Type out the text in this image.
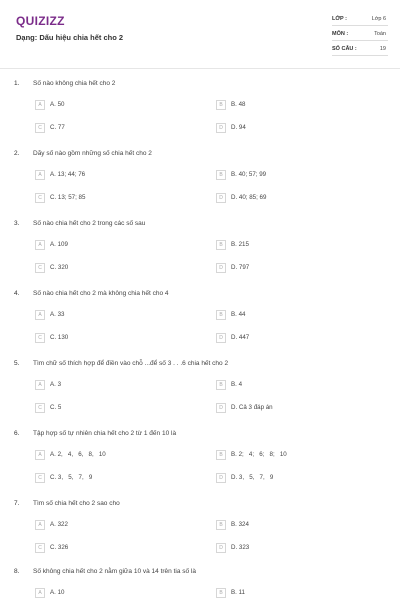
QUIZIZZ
Dạng: Dấu hiệu chia hết cho 2
LỚP :	Lớp 6
MÔN :	Toán
SỐ CÂU :	19
1. Số nào không chia hết cho 2
A	A. 50	B	B. 48
C	C. 77	D	D. 94
2. Dãy số nào gồm những số chia hết cho 2
A	A. 13; 44; 76	B	B. 40; 57; 99
C	C. 13; 57; 85	D	D. 40; 85; 69
3. Số nào chia hết cho 2 trong các số sau
A	A. 109	B	B. 215
C	C. 320	D	D. 797
4. Số nào chia hết cho 2 mà không chia hết cho 4
A	A. 33	B	B. 44
C	C. 130	D	D. 447
5. Tìm chữ số thích hợp để điền vào chỗ ...để số 3 . . .6 chia hết cho 2
A	A. 3	B	B. 4
C	C. 5	D	D. Cả 3 đáp án
6. Tập hợp số tự nhiên chia hết cho 2 từ 1 đến 10 là
A	A. 2,   4,   6,   8,   10	B	B. 2;   4;   6;   8;   10
C	C. 3,   5,   7,   9	D	D. 3,   5,   7,   9
7. Tìm số chia hết cho 2 sao cho
A	A. 322	B	B. 324
C	C. 326	D	D. 323
8. Số không chia hết cho 2 nằm giữa 10 và 14 trên tia số là
A	A. 10	B	B. 11
